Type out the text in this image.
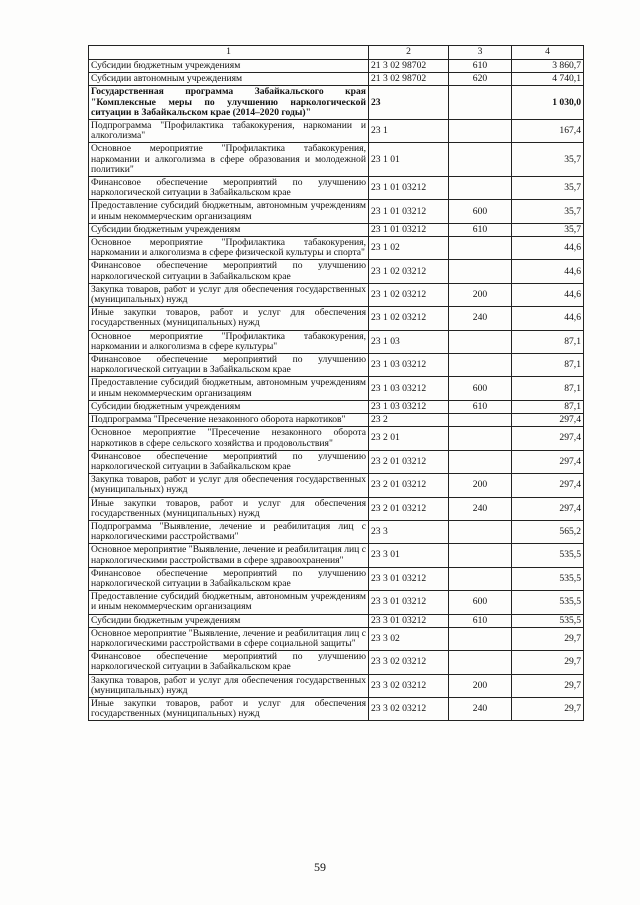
1	2	3	4
Субсидии бюджетным учреждениям	21 3 02 98702	610	3 860,7
Субсидии автономным учреждениям	21 3 02 98702	620	4 740,1
Государственная программа Забайкальского края "Комплексные меры по улучшению наркологической ситуации в Забайкальском крае (2014–2020 годы)"	23		1 030,0
Подпрограмма "Профилактика табакокурения, наркомании и алкоголизма"	23 1		167,4
Основное мероприятие "Профилактика табакокурения, наркомании и алкоголизма в сфере образования и молодежной политики"	23 1 01		35,7
Финансовое обеспечение мероприятий по улучшению наркологической ситуации в Забайкальском крае	23 1 01 03212		35,7
Предоставление субсидий бюджетным, автономным учреждениям и иным некоммерческим организациям	23 1 01 03212	600	35,7
Субсидии бюджетным учреждениям	23 1 01 03212	610	35,7
Основное мероприятие "Профилактика табакокурения, наркомании и алкоголизма в сфере физической культуры и спорта"	23 1 02		44,6
Финансовое обеспечение мероприятий по улучшению наркологической ситуации в Забайкальском крае	23 1 02 03212		44,6
Закупка товаров, работ и услуг для обеспечения государственных (муниципальных) нужд	23 1 02 03212	200	44,6
Иные закупки товаров, работ и услуг для обеспечения государственных (муниципальных) нужд	23 1 02 03212	240	44,6
Основное мероприятие "Профилактика табакокурения, наркомании и алкоголизма в сфере культуры"	23 1 03		87,1
Финансовое обеспечение мероприятий по улучшению наркологической ситуации в Забайкальском крае	23 1 03 03212		87,1
Предоставление субсидий бюджетным, автономным учреждениям и иным некоммерческим организациям	23 1 03 03212	600	87,1
Субсидии бюджетным учреждениям	23 1 03 03212	610	87,1
Подпрограмма "Пресечение незаконного оборота наркотиков"	23 2		297,4
Основное мероприятие "Пресечение незаконного оборота наркотиков в сфере сельского хозяйства и продовольствия"	23 2 01		297,4
Финансовое обеспечение мероприятий по улучшению наркологической ситуации в Забайкальском крае	23 2 01 03212		297,4
Закупка товаров, работ и услуг для обеспечения государственных (муниципальных) нужд	23 2 01 03212	200	297,4
Иные закупки товаров, работ и услуг для обеспечения государственных (муниципальных) нужд	23 2 01 03212	240	297,4
Подпрограмма "Выявление, лечение и реабилитация лиц с наркологическими расстройствами"	23 3		565,2
Основное мероприятие "Выявление, лечение и реабилитация лиц с наркологическими расстройствами в сфере здравоохранения"	23 3 01		535,5
Финансовое обеспечение мероприятий по улучшению наркологической ситуации в Забайкальском крае	23 3 01 03212		535,5
Предоставление субсидий бюджетным, автономным учреждениям и иным некоммерческим организациям	23 3 01 03212	600	535,5
Субсидии бюджетным учреждениям	23 3 01 03212	610	535,5
Основное мероприятие "Выявление, лечение и реабилитация лиц с наркологическими расстройствами в сфере социальной защиты"	23 3 02		29,7
Финансовое обеспечение мероприятий по улучшению наркологической ситуации в Забайкальском крае	23 3 02 03212		29,7
Закупка товаров, работ и услуг для обеспечения государственных (муниципальных) нужд	23 3 02 03212	200	29,7
Иные закупки товаров, работ и услуг для обеспечения государственных (муниципальных) нужд	23 3 02 03212	240	29,7
59
